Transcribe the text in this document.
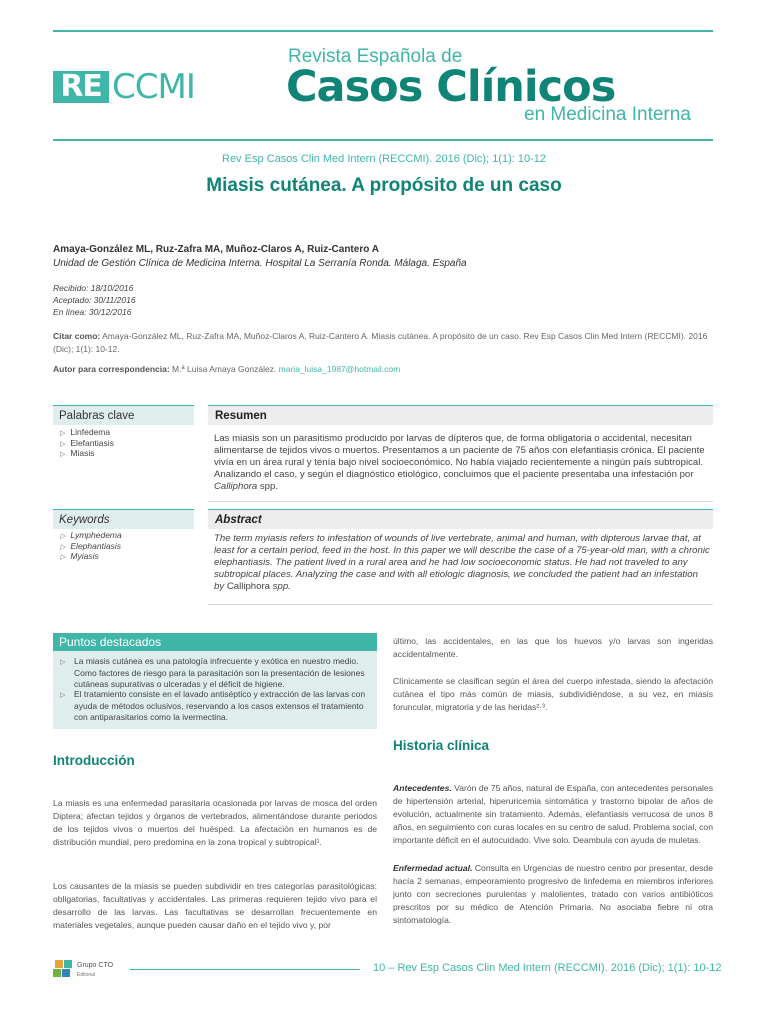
RE CCMI
Revista Española de
Casos Clínicos
en Medicina Interna
Rev Esp Casos Clin Med Intern (RECCMI). 2016 (Dic); 1(1): 10-12
Miasis cutánea. A propósito de un caso
Amaya-González ML, Ruz-Zafra MA, Muñoz-Claros A, Ruiz-Cantero A
Unidad de Gestión Clínica de Medicina Interna. Hospital La Serranía Ronda. Málaga. España
Recibido: 18/10/2016
Aceptado: 30/11/2016
En línea: 30/12/2016
Citar como: Amaya-González ML, Ruz-Zafra MA, Muñoz-Claros A, Ruiz-Cantero A. Miasis cutánea. A propósito de un caso. Rev Esp Casos Clin Med Intern (RECCMI). 2016 (Dic); 1(1): 10-12.
Autor para correspondencia: M.ª Luisa Amaya González. maria_luisa_1987@hotmail.com
Palabras clave
▷ Linfedema
▷ Elefantiasis
▷ Miasis
Resumen
Las miasis son un parasitismo producido por larvas de dípteros que, de forma obligatoria o accidental, necesitan alimentarse de tejidos vivos o muertos. Presentamos a un paciente de 75 años con elefantiasis crónica. El paciente vivía en un área rural y tenía bajo nivel socioeconómico. No había viajado recientemente a ningún país subtropical. Analizando el caso, y según el diagnóstico etiológico, concluimos que el paciente presentaba una infestación por Calliphora spp.
Keywords
▷ Lymphedema
▷ Elephantiasis
▷ Myiasis
Abstract
The term myiasis refers to infestation of wounds of live vertebrate, animal and human, with dipterous larvae that, at least for a certain period, feed in the host. In this paper we will describe the case of a 75-year-old man, with a chronic elephantiasis. The patient lived in a rural area and he had low socioeconomic status. He had not traveled to any subtropical places. Analyzing the case and with all etiologic diagnosis, we concluded the patient had an infestation by Calliphora spp.
Puntos destacados
▷ La miasis cutánea es una patología infrecuente y exótica en nuestro medio. Como factores de riesgo para la parasitación son la presentación de lesiones cutáneas supurativas o ulceradas y el déficit de higiene.
▷ El tratamiento consiste en el lavado antiséptico y extracción de las larvas con ayuda de métodos oclusivos, reservando a los casos extensos el tratamiento con antiparasitarios como la ivermectina.
Introducción
La miasis es una enfermedad parasitaria ocasionada por larvas de mosca del orden Diptera; afectan tejidos y órganos de vertebrados, alimentándose durante periodos de los tejidos vivos o muertos del huésped. La afectación en humanos es de distribución mundial, pero predomina en la zona tropical y subtropical¹.
Los causantes de la miasis se pueden subdividir en tres categorías parasitológicas: obligatorias, facultativas y accidentales. Las primeras requieren tejido vivo para el desarrollo de las larvas. Las facultativas se desarrollan frecuentemente en materiales vegetales, aunque pueden causar daño en el tejido vivo y, por
último, las accidentales, en las que los huevos y/o larvas son ingeridas accidentalmente.
Clínicamente se clasifican según el área del cuerpo infestada, siendo la afectación cutánea el tipo más común de miasis, subdividiéndose, a su vez, en miasis foruncular, migratoria y de las heridas²·³.
Historia clínica
Antecedentes. Varón de 75 años, natural de España, con antecedentes personales de hipertensión arterial, hiperuricemia sintomática y trastorno bipolar de años de evolución, actualmente sin tratamiento. Además, elefantiasis verrucosa de unos 8 años, en seguimiento con curas locales en su centro de salud. Problema social, con importante déficit en el autocuidado. Vive solo. Deambula con ayuda de muletas.
Enfermedad actual. Consulta en Urgencias de nuestro centro por presentar, desde hacía 2 semanas, empeoramiento progresivo de linfedema en miembros inferiores junto con secreciones purulentas y malolientes, tratado con varios antibióticos prescritos por su médico de Atención Primaria. No asociaba fiebre ni otra sintomatología.
Grupo CTO
Editorial
10 – Rev Esp Casos Clin Med Intern (RECCMI). 2016 (Dic); 1(1): 10-12
